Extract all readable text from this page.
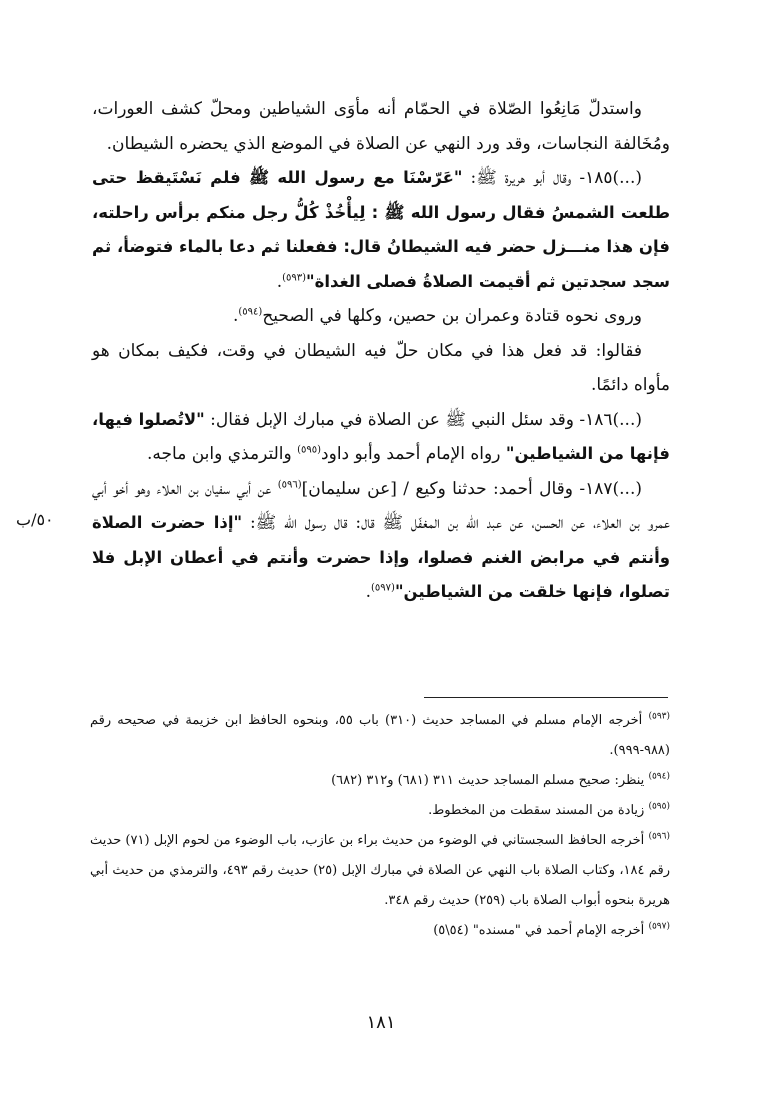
واستدلّ مَانِعُوا الصّلاة في الحمّام أنه مأوَى الشياطين ومحلّ كشف العورات، ومُخَالفة النجاسات، وقد ورد النهي عن الصلاة في الموضع الذي يحضره الشيطان.

(...)١٨٥- وقال أبو هريرة ﷺ: "عَرّسْنَا مع رسول الله ﷺ فلم نَسْتَيقظ حتى طلعت الشمسُ فقال رسول الله ﷺ : لِيأْخُذْ كُلُّ رجل منكم برأس راحلته، فإن هذا منـــزل حضر فيه الشيطانُ قال: ففعلنا ثم دعا بالماء فتوضأ، ثم سجد سجدتين ثم أقيمت الصلاةُ فصلى الغداة"$^{(٥٩٣)}$.

وروى نحوه قتادة وعمران بن حصين، وكلها في الصحيح$^{(٥٩٤)}$.

فقالوا: قد فعل هذا في مكان حلّ فيه الشيطان في وقت، فكيف بمكان هو مأواه دائمًا.

(...)١٨٦- وقد سئل النبي ﷺ عن الصلاة في مبارك الإبل فقال: "لاتُصلوا فيها، فإنها من الشياطين" رواه الإمام أحمد وأبو داود$^{(٥٩٥)}$ والترمذي وابن ماجه.

(...)١٨٧- وقال أحمد: حدثنا وكيع / [عن سليمان]$^{(٥٩٦)}$ عن أبي سفيان بن العلاء وهو أخو أبي عمرو بن العلاء، عن الحسن، عن عبد الله بن المغفّل ﷺ قال: قال رسول الله ﷺ: "إذا حضرت الصلاة وأنتم في مرابض الغنم فصلوا، وإذا حضرت وأنتم في أعطان الإبل فلا تصلوا، فإنها خلقت من الشياطين"$^{(٥٩٧)}$.

٥٠/ب

$^{(٥٩٣)}$ أخرجه الإمام مسلم في المساجد حديث (٣١٠) باب ٥٥، وبنحوه الحافظ ابن خزيمة في صحيحه رقم (٩٨٨-٩٩٩).

$^{(٥٩٤)}$ ينظر: صحيح مسلم المساجد حديث ٣١١ (٦٨١) و٣١٢ (٦٨٢)

$^{(٥٩٥)}$ زيادة من المسند سقطت من المخطوط.

$^{(٥٩٦)}$ أخرجه الحافظ السجستاني في الوضوء من حديث براء بن عازب، باب الوضوء من لحوم الإبل (٧١) حديث رقم ١٨٤، وكتاب الصلاة باب النهي عن الصلاة في مبارك الإبل (٢٥) حديث رقم ٤٩٣، والترمذي من حديث أبي هريرة بنحوه أبواب الصلاة باب (٢٥٩) حديث رقم ٣٤٨.

$^{(٥٩٧)}$ أخرجه الإمام أحمد في "مسنده" (٥٤\٥)

١٨١
